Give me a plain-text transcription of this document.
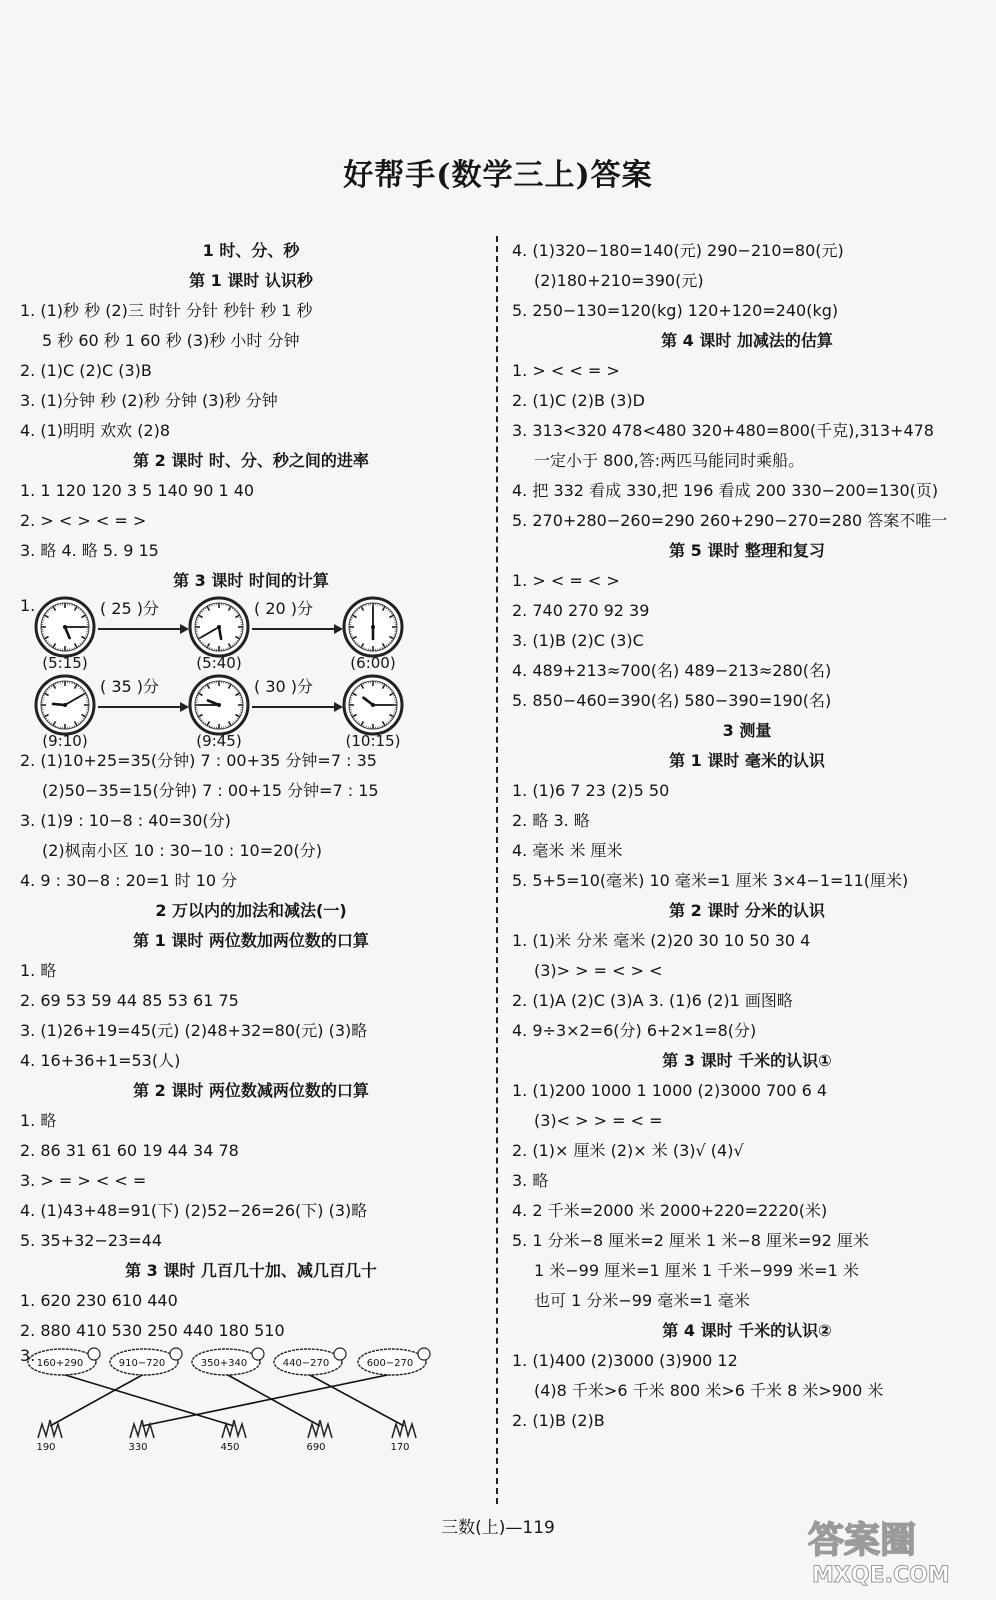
好帮手(数学三上)答案
1 时、分、秒
第 1 课时 认识秒
1. (1)秒 秒 (2)三 时针 分针 秒针 秒 1 秒
5 秒 60 秒 1 60 秒 (3)秒 小时 分钟
2. (1)C (2)C (3)B
3. (1)分钟 秒 (2)秒 分钟 (3)秒 分钟
4. (1)明明 欢欢 (2)8
第 2 课时 时、分、秒之间的进率
1. 1 120 120 3 5 140 90 1 40
2. > < > < = >
3. 略 4. 略 5. 9 15
第 3 课时 时间的计算
1.
(5:15)	(5:40)	(6:00)
( 25 )分	( 20 )分
(9:10)	(9:45)	(10:15)
( 35 )分	( 30 )分
2. (1)10+25=35(分钟) 7 : 00+35 分钟=7 : 35
(2)50−35=15(分钟) 7 : 00+15 分钟=7 : 15
3. (1)9 : 10−8 : 40=30(分)
(2)枫南小区 10 : 30−10 : 10=20(分)
4. 9 : 30−8 : 20=1 时 10 分
2 万以内的加法和减法(一)
第 1 课时 两位数加两位数的口算
1. 略
2. 69 53 59 44 85 53 61 75
3. (1)26+19=45(元) (2)48+32=80(元) (3)略
4. 16+36+1=53(人)
第 2 课时 两位数减两位数的口算
1. 略
2. 86 31 61 60 19 44 34 78
3. > = > < < =
4. (1)43+48=91(下) (2)52−26=26(下) (3)略
5. 35+32−23=44
第 3 课时 几百几十加、减几百几十
1. 620 230 610 440
2. 880 410 530 250 440 180 510
3. 160+290	910−720	350+340	440−270	600−270
190	330	450	690	170
4. (1)320−180=140(元) 290−210=80(元)
(2)180+210=390(元)
5. 250−130=120(kg) 120+120=240(kg)
第 4 课时 加减法的估算
1. > < < = >
2. (1)C (2)B (3)D
3. 313<320 478<480 320+480=800(千克),313+478
一定小于 800,答:两匹马能同时乘船。
4. 把 332 看成 330,把 196 看成 200 330−200=130(页)
5. 270+280−260=290 260+290−270=280 答案不唯一
第 5 课时 整理和复习
1. > < = < >
2. 740 270 92 39
3. (1)B (2)C (3)C
4. 489+213≈700(名) 489−213≈280(名)
5. 850−460=390(名) 580−390=190(名)
3 测量
第 1 课时 毫米的认识
1. (1)6 7 23 (2)5 50
2. 略 3. 略
4. 毫米 米 厘米
5. 5+5=10(毫米) 10 毫米=1 厘米 3×4−1=11(厘米)
第 2 课时 分米的认识
1. (1)米 分米 毫米 (2)20 30 10 50 30 4
(3)> > = < > <
2. (1)A (2)C (3)A 3. (1)6 (2)1 画图略
4. 9÷3×2=6(分) 6+2×1=8(分)
第 3 课时 千米的认识①
1. (1)200 1000 1 1000 (2)3000 700 6 4
(3)< > > = < =
2. (1)× 厘米 (2)× 米 (3)√ (4)√
3. 略
4. 2 千米=2000 米 2000+220=2220(米)
5. 1 分米−8 厘米=2 厘米 1 米−8 厘米=92 厘米
1 米−99 厘米=1 厘米 1 千米−999 米=1 米
也可 1 分米−99 毫米=1 毫米
第 4 课时 千米的认识②
1. (1)400 (2)3000 (3)900 12
(4)8 千米>6 千米 800 米>6 千米 8 米>900 米
2. (1)B (2)B
三数(上)—119	答案圈
MXQE.COM
